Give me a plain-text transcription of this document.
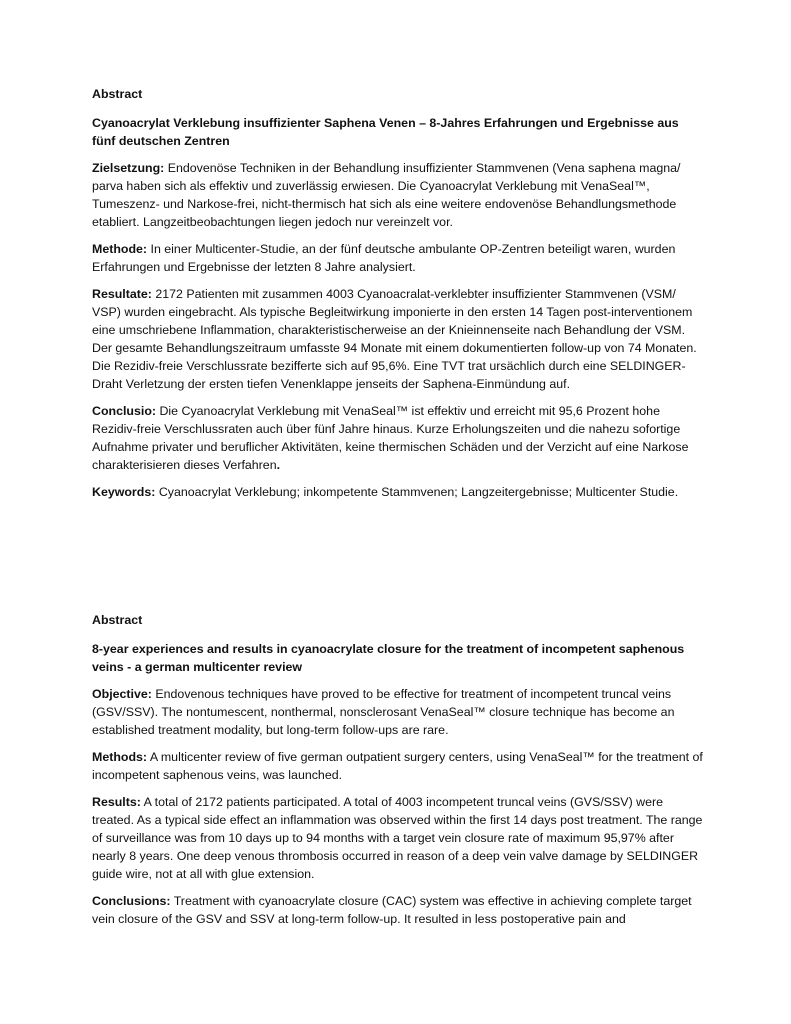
Abstract
Cyanoacrylat Verklebung insuffizienter Saphena Venen – 8-Jahres Erfahrungen und Ergebnisse aus fünf deutschen Zentren
Zielsetzung: Endovenöse Techniken in der Behandlung insuffizienter Stammvenen (Vena saphena magna/ parva haben sich als effektiv und zuverlässig erwiesen. Die Cyanoacrylat Verklebung mit VenaSeal™, Tumeszenz- und Narkose-frei, nicht-thermisch hat sich als eine weitere endovenöse Behandlungsmethode etabliert. Langzeitbeobachtungen liegen jedoch nur vereinzelt vor.
Methode: In einer Multicenter-Studie, an der fünf deutsche ambulante OP-Zentren beteiligt waren, wurden Erfahrungen und Ergebnisse der letzten 8 Jahre analysiert.
Resultate: 2172 Patienten mit zusammen 4003 Cyanoacralat-verklebter insuffizienter Stammvenen (VSM/ VSP) wurden eingebracht. Als typische Begleitwirkung imponierte in den ersten 14 Tagen post-interventionem eine umschriebene Inflammation, charakteristischerweise an der Knieinnenseite nach Behandlung der VSM. Der gesamte Behandlungszeitraum umfasste 94 Monate mit einem dokumentierten follow-up von 74 Monaten. Die Rezidiv-freie Verschlussrate bezifferte sich auf 95,6%. Eine TVT trat ursächlich durch eine SELDINGER-Draht Verletzung der ersten tiefen Venenklappe jenseits der Saphena-Einmündung auf.
Conclusio: Die Cyanoacrylat Verklebung mit VenaSeal™ ist effektiv und erreicht mit 95,6 Prozent hohe Rezidiv-freie Verschlussraten auch über fünf Jahre hinaus. Kurze Erholungszeiten und die nahezu sofortige Aufnahme privater und beruflicher Aktivitäten, keine thermischen Schäden und der Verzicht auf eine Narkose charakterisieren dieses Verfahren.
Keywords: Cyanoacrylat Verklebung; inkompetente Stammvenen; Langzeitergebnisse; Multicenter Studie.
Abstract
8-year experiences and results in cyanoacrylate closure for the treatment of incompetent saphenous veins - a german multicenter review
Objective: Endovenous techniques have proved to be effective for treatment of incompetent truncal veins (GSV/SSV). The nontumescent, nonthermal, nonsclerosant VenaSeal™ closure technique has become an established treatment modality, but long-term follow-ups are rare.
Methods: A multicenter review of five german outpatient surgery centers, using VenaSeal™ for the treatment of incompetent saphenous veins, was launched.
Results: A total of 2172 patients participated. A total of 4003 incompetent truncal veins (GVS/SSV) were treated. As a typical side effect an inflammation was observed within the first 14 days post treatment. The range of surveillance was from 10 days up to 94 months with a target vein closure rate of maximum 95,97% after nearly 8 years. One deep venous thrombosis occurred in reason of a deep vein valve damage by SELDINGER guide wire, not at all with glue extension.
Conclusions: Treatment with cyanoacrylate closure (CAC) system was effective in achieving complete target vein closure of the GSV and SSV at long-term follow-up. It resulted in less postoperative pain and
